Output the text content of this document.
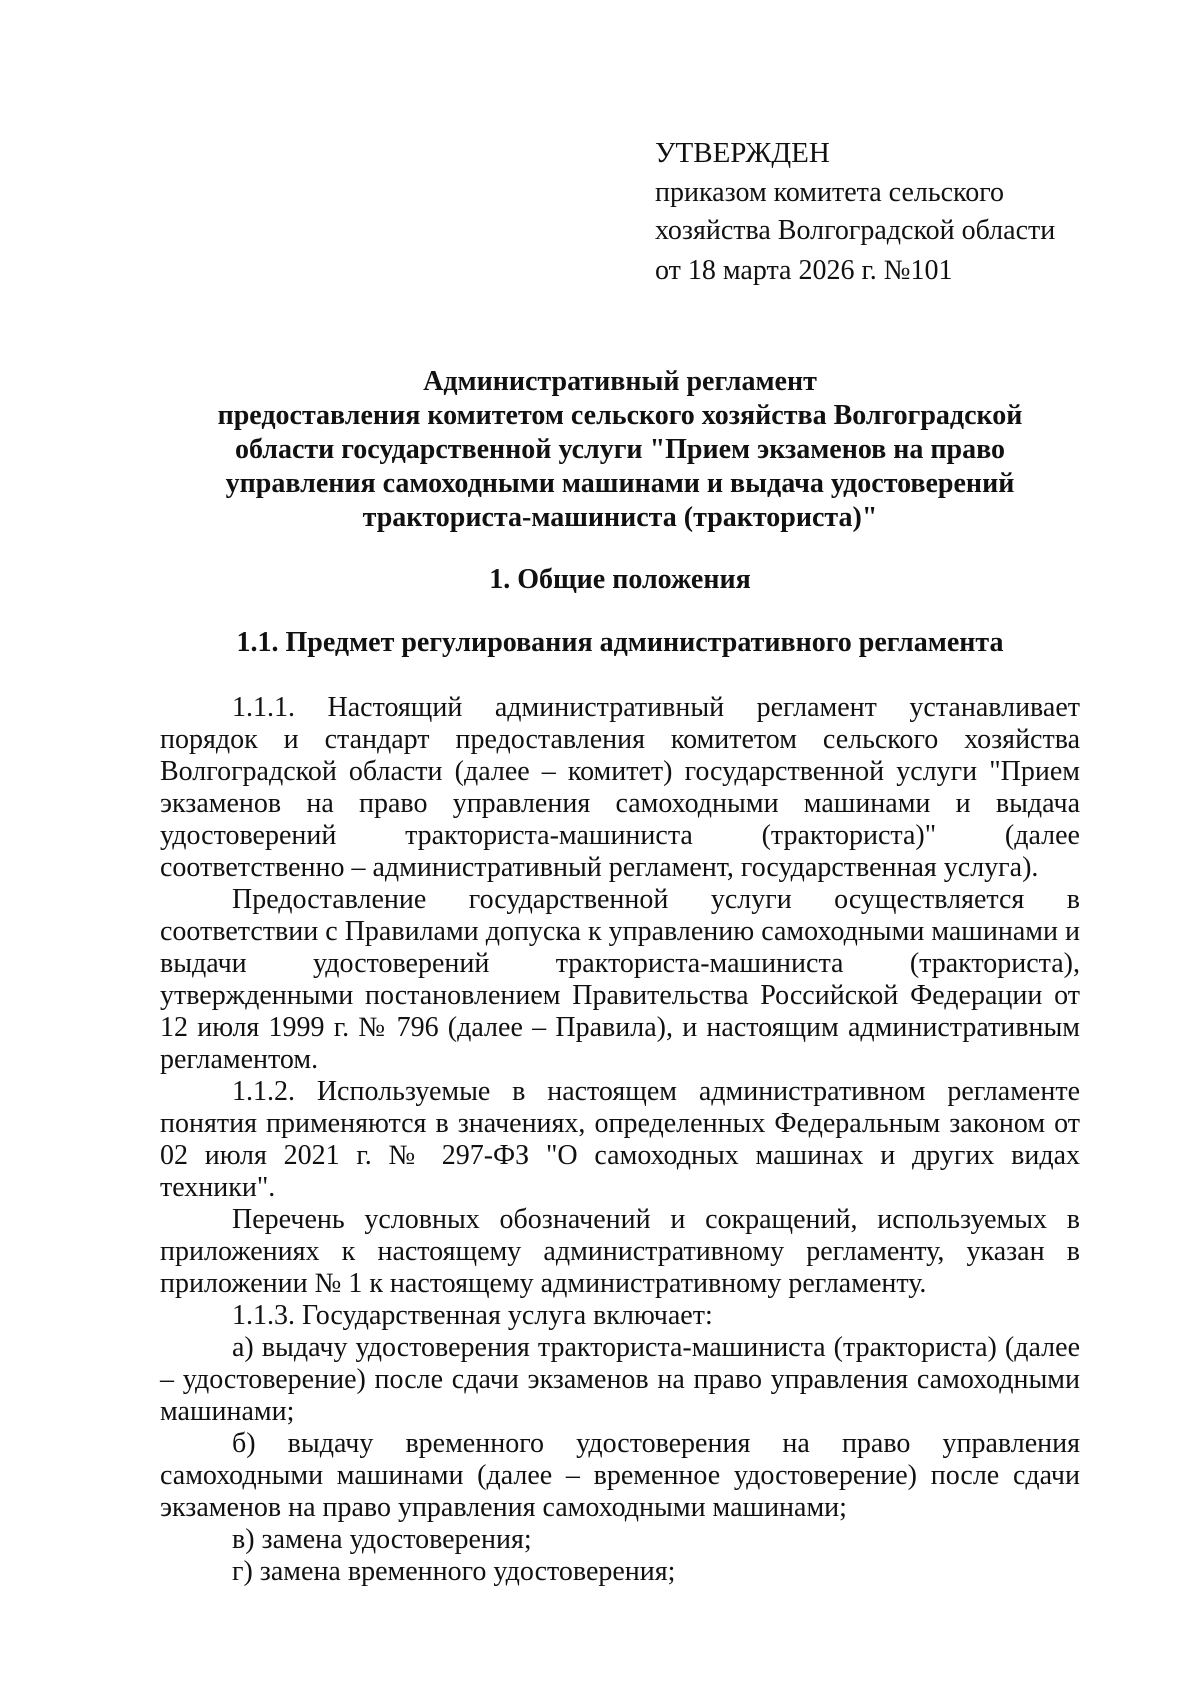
УТВЕРЖДЕН
приказом комитета сельского
хозяйства Волгоградской области
от 18 марта 2026 г. №101
Административный регламент
предоставления комитетом сельского хозяйства Волгоградской
области государственной услуги "Прием экзаменов на право
управления самоходными машинами и выдача удостоверений
тракториста-машиниста (тракториста)"
1. Общие положения
1.1. Предмет регулирования административного регламента

1.1.1. Настоящий административный регламент устанавливает порядок и стандарт предоставления комитетом сельского хозяйства Волгоградской области (далее – комитет) государственной услуги "Прием экзаменов на право управления самоходными машинами и выдача удостоверений тракториста-машиниста (тракториста)" (далее соответственно – административный регламент, государственная услуга).

Предоставление государственной услуги осуществляется в соответствии с Правилами допуска к управлению самоходными машинами и выдачи удостоверений тракториста-машиниста (тракториста), утвержденными постановлением Правительства Российской Федерации от 12 июля 1999 г. № 796 (далее – Правила), и настоящим административным регламентом.

1.1.2. Используемые в настоящем административном регламенте понятия применяются в значениях, определенных Федеральным законом от 02 июля 2021 г. № 297-ФЗ "О самоходных машинах и других видах техники".

Перечень условных обозначений и сокращений, используемых в приложениях к настоящему административному регламенту, указан в приложении № 1 к настоящему административному регламенту.

1.1.3. Государственная услуга включает:

а) выдачу удостоверения тракториста-машиниста (тракториста) (далее – удостоверение) после сдачи экзаменов на право управления самоходными машинами;

б) выдачу временного удостоверения на право управления самоходными машинами (далее – временное удостоверение) после сдачи экзаменов на право управления самоходными машинами;

в) замена удостоверения;

г) замена временного удостоверения;
